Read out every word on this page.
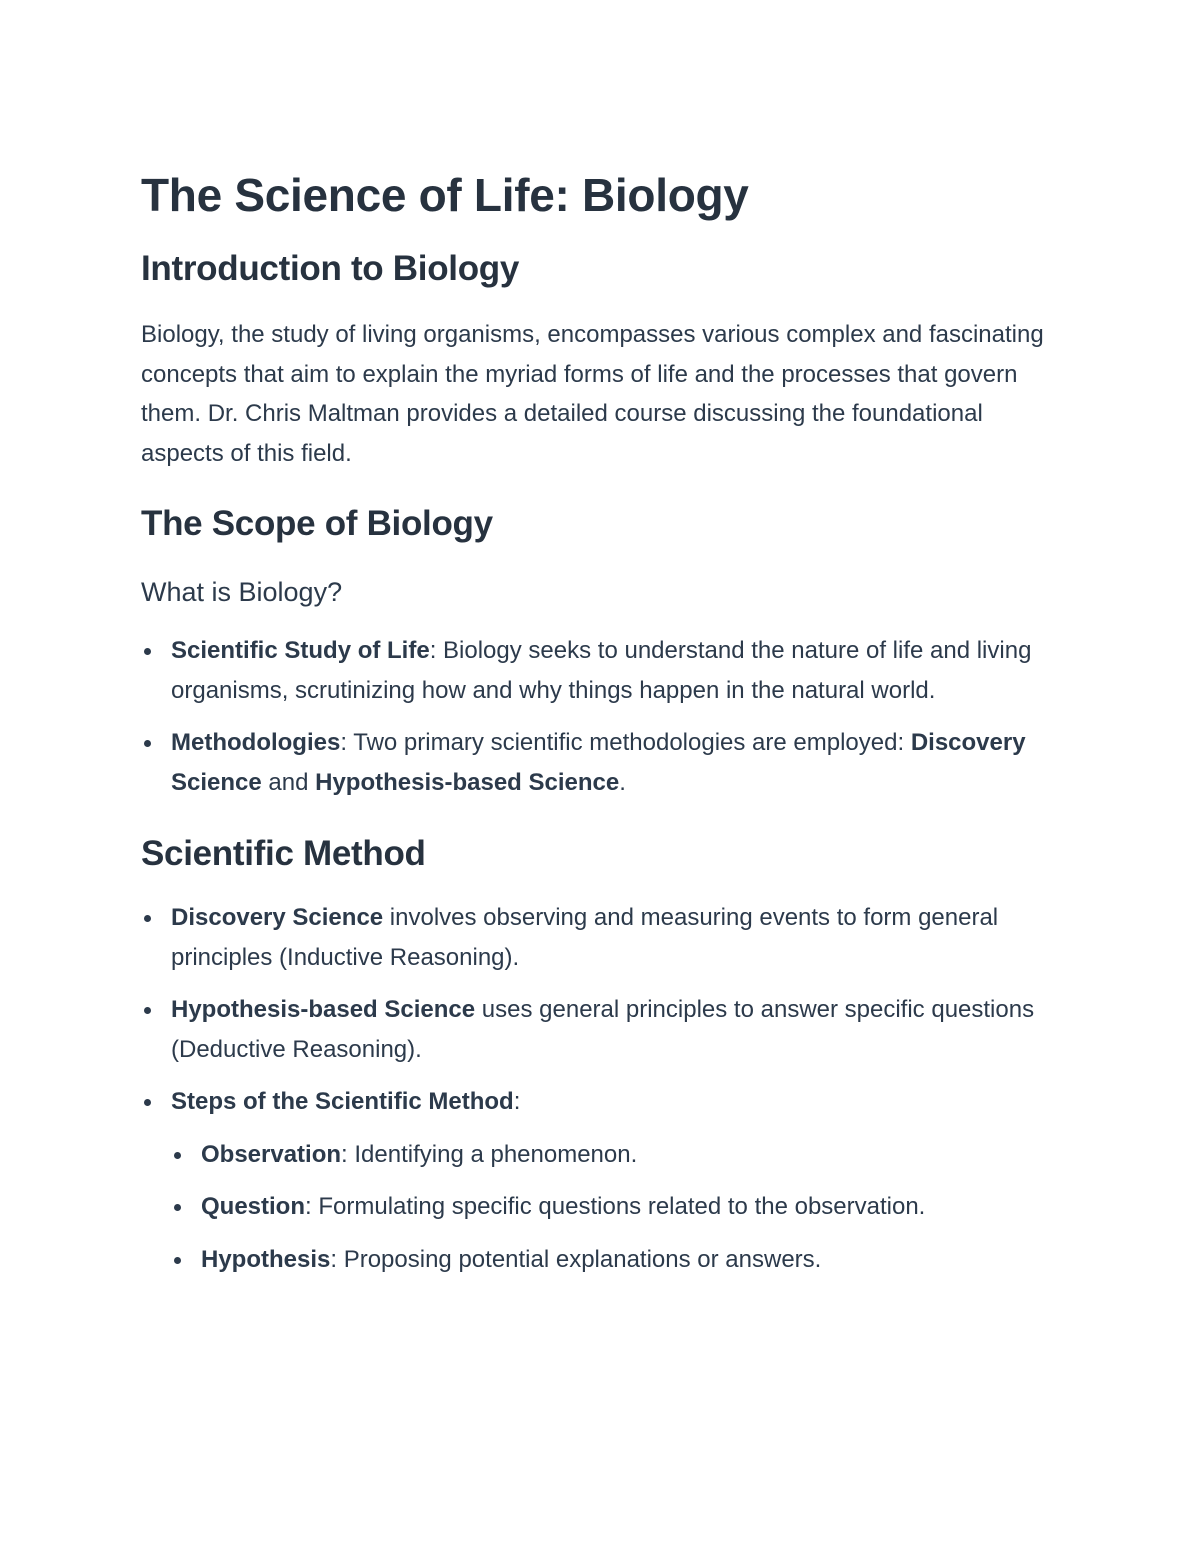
The Science of Life: Biology
Introduction to Biology

Biology, the study of living organisms, encompasses various complex and fascinating concepts that aim to explain the myriad forms of life and the processes that govern them. Dr. Chris Maltman provides a detailed course discussing the foundational aspects of this field.

The Scope of Biology
What is Biology?
Scientific Study of Life: Biology seeks to understand the nature of life and living organisms, scrutinizing how and why things happen in the natural world.
Methodologies: Two primary scientific methodologies are employed: Discovery Science and Hypothesis-based Science.
Scientific Method
Discovery Science involves observing and measuring events to form general principles (Inductive Reasoning).
Hypothesis-based Science uses general principles to answer specific questions (Deductive Reasoning).
Steps of the Scientific Method:
Observation: Identifying a phenomenon.
Question: Formulating specific questions related to the observation.
Hypothesis: Proposing potential explanations or answers.
